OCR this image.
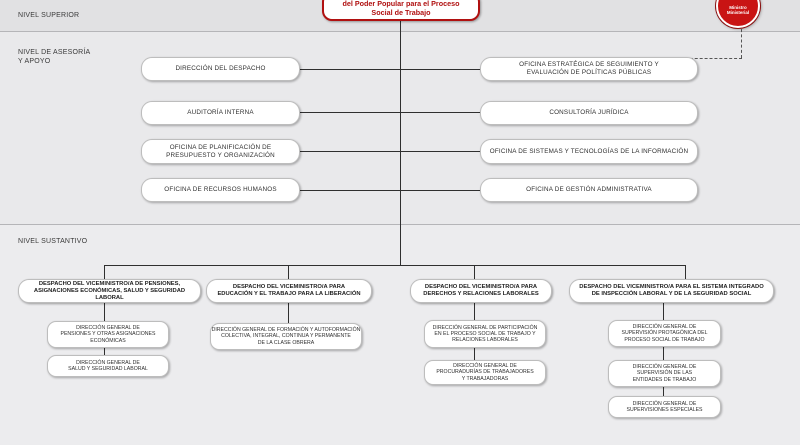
NIVEL SUPERIOR
NIVEL DE ASESORÍA
Y APOYO
NIVEL SUSTANTIVO
del Poder Popular para el Proceso
Social de Trabajo	Ministro
Ministerial
DIRECCIÓN DEL DESPACHO
AUDITORÍA INTERNA
OFICINA DE PLANIFICACIÓN DE
PRESUPUESTO Y ORGANIZACIÓN
OFICINA DE RECURSOS HUMANOS
OFICINA ESTRATÉGICA DE SEGUIMIENTO Y
EVALUACIÓN DE POLÍTICAS PÚBLICAS
CONSULTORÍA JURÍDICA
OFICINA DE SISTEMAS Y TECNOLOGÍAS DE LA INFORMACIÓN
OFICINA DE GESTIÓN ADMINISTRATIVA
DESPACHO DEL VICEMINISTRO/A DE PENSIONES,
ASIGNACIONES ECONÓMICAS, SALUD Y SEGURIDAD LABORAL
DESPACHO DEL VICEMINISTRO/A PARA
EDUCACIÓN Y EL TRABAJO PARA LA LIBERACIÓN
DESPACHO DEL VICEMINISTRO/A PARA
DERECHOS Y RELACIONES LABORALES
DESPACHO DEL VICEMINISTRO/A PARA EL SISTEMA INTEGRADO
DE INSPECCIÓN LABORAL Y DE LA SEGURIDAD SOCIAL
DIRECCIÓN GENERAL DE
PENSIONES Y OTRAS ASIGNACIONES
ECONÓMICAS
DIRECCIÓN GENERAL DE
SALUD Y SEGURIDAD LABORAL
DIRECCIÓN GENERAL DE FORMACIÓN Y AUTOFORMACIÓN
COLECTIVA, INTEGRAL, CONTINUA Y PERMANENTE
DE LA CLASE OBRERA
DIRECCIÓN GENERAL DE PARTICIPACIÓN
EN EL PROCESO SOCIAL DE TRABAJO Y
RELACIONES LABORALES
DIRECCIÓN GENERAL DE
PROCURADURÍAS DE TRABAJADORES
Y TRABAJADORAS
DIRECCIÓN GENERAL DE
SUPERVISIÓN PROTAGÓNICA DEL
PROCESO SOCIAL DE TRABAJO
DIRECCIÓN GENERAL DE
SUPERVISIÓN DE LAS
ENTIDADES DE TRABAJO
DIRECCIÓN GENERAL DE
SUPERVISIONES ESPECIALES
